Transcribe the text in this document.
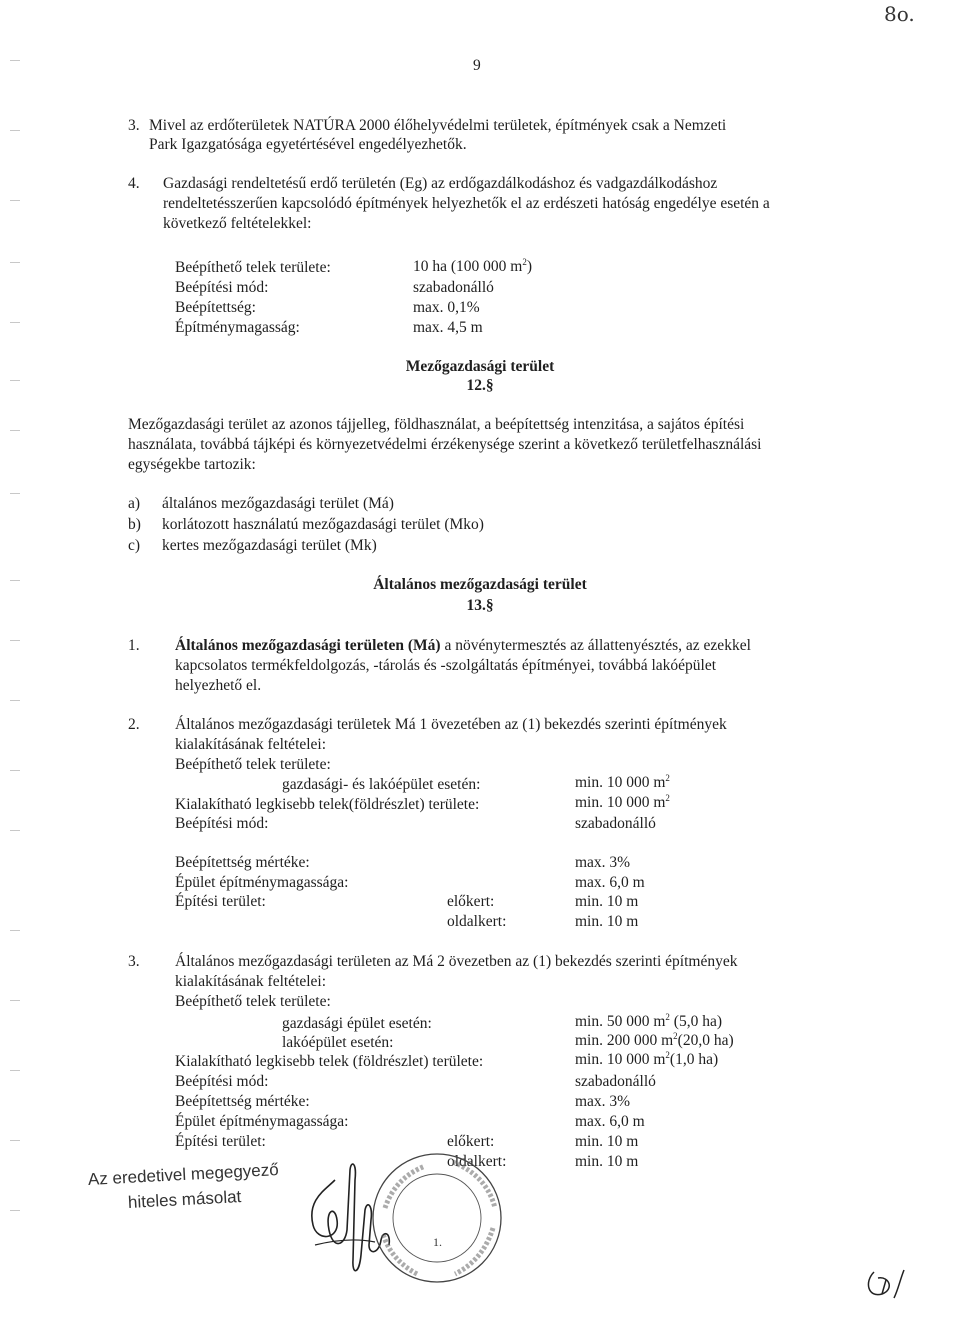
8o.
9
3. Mivel az erdőterületek NATÚRA 2000 élőhelyvédelmi területek, építmények csak a Nemzeti
Park Igazgatósága egyetértésével engedélyezhetők.
4. Gazdasági rendeltetésű erdő területén (Eg) az erdőgazdálkodáshoz és vadgazdálkodáshoz
rendeltetésszerűen kapcsolódó építmények helyezhetők el az erdészeti hatóság engedélye esetén a
következő feltételekkel:
Beépíthető telek területe:	10 ha (100 000 $m^2$)
Beépítési mód:	szabadonálló
Beépítettség:	max. 0,1%
Építménymagasság:	max. 4,5 m
Mezőgazdasági terület
12.§
Mezőgazdasági terület az azonos tájjelleg, földhasználat, a beépítettség intenzitása, a sajátos építési
használata, továbbá tájképi és környezetvédelmi érzékenysége szerint a következő területfelhasználási
egységekbe tartozik:
a) általános mezőgazdasági terület (Má)
b) korlátozott használatú mezőgazdasági terület (Mko)
c) kertes mezőgazdasági terület (Mk)
Általános mezőgazdasági terület
13.§
1. Általános mezőgazdasági területen (Má) a növénytermesztés az állattenyésztés, az ezekkel
kapcsolatos termékfeldolgozás, -tárolás és -szolgáltatás építményei, továbbá lakóépület
helyezhető el.
2. Általános mezőgazdasági területek Má 1 övezetében az (1) bekezdés szerinti építmények
kialakításának feltételei:
Beépíthető telek területe:
gazdasági- és lakóépület esetén:	min. 10 000 $m^2$
Kialakítható legkisebb telek(földrészlet) területe:	min. 10 000 $m^2$
Beépítési mód:	szabadonálló
Beépítettség mértéke:	max. 3%
Épület építménymagassága:	max. 6,0 m
Építési terület:	előkert:	min. 10 m
oldalkert:	min. 10 m
3. Általános mezőgazdasági területen az Má 2 övezetben az (1) bekezdés szerinti építmények
kialakításának feltételei:
Beépíthető telek területe:
gazdasági épület esetén:	min. 50 000 $m^2$ (5,0 ha)
lakóépület esetén:	min. 200 000 $m^2(20,0$ ha)
Kialakítható legkisebb telek (földrészlet) területe:	min. 10 000 $m^2(1,0$ ha)
Beépítési mód:	szabadonálló
Beépítettség mértéke:	max. 3%
Épület építménymagassága:	max. 6,0 m
Építési terület:	előkert:	min. 10 m
oldalkert:	min. 10 m
Az eredetivel megegyező
hiteles másolat
1.
